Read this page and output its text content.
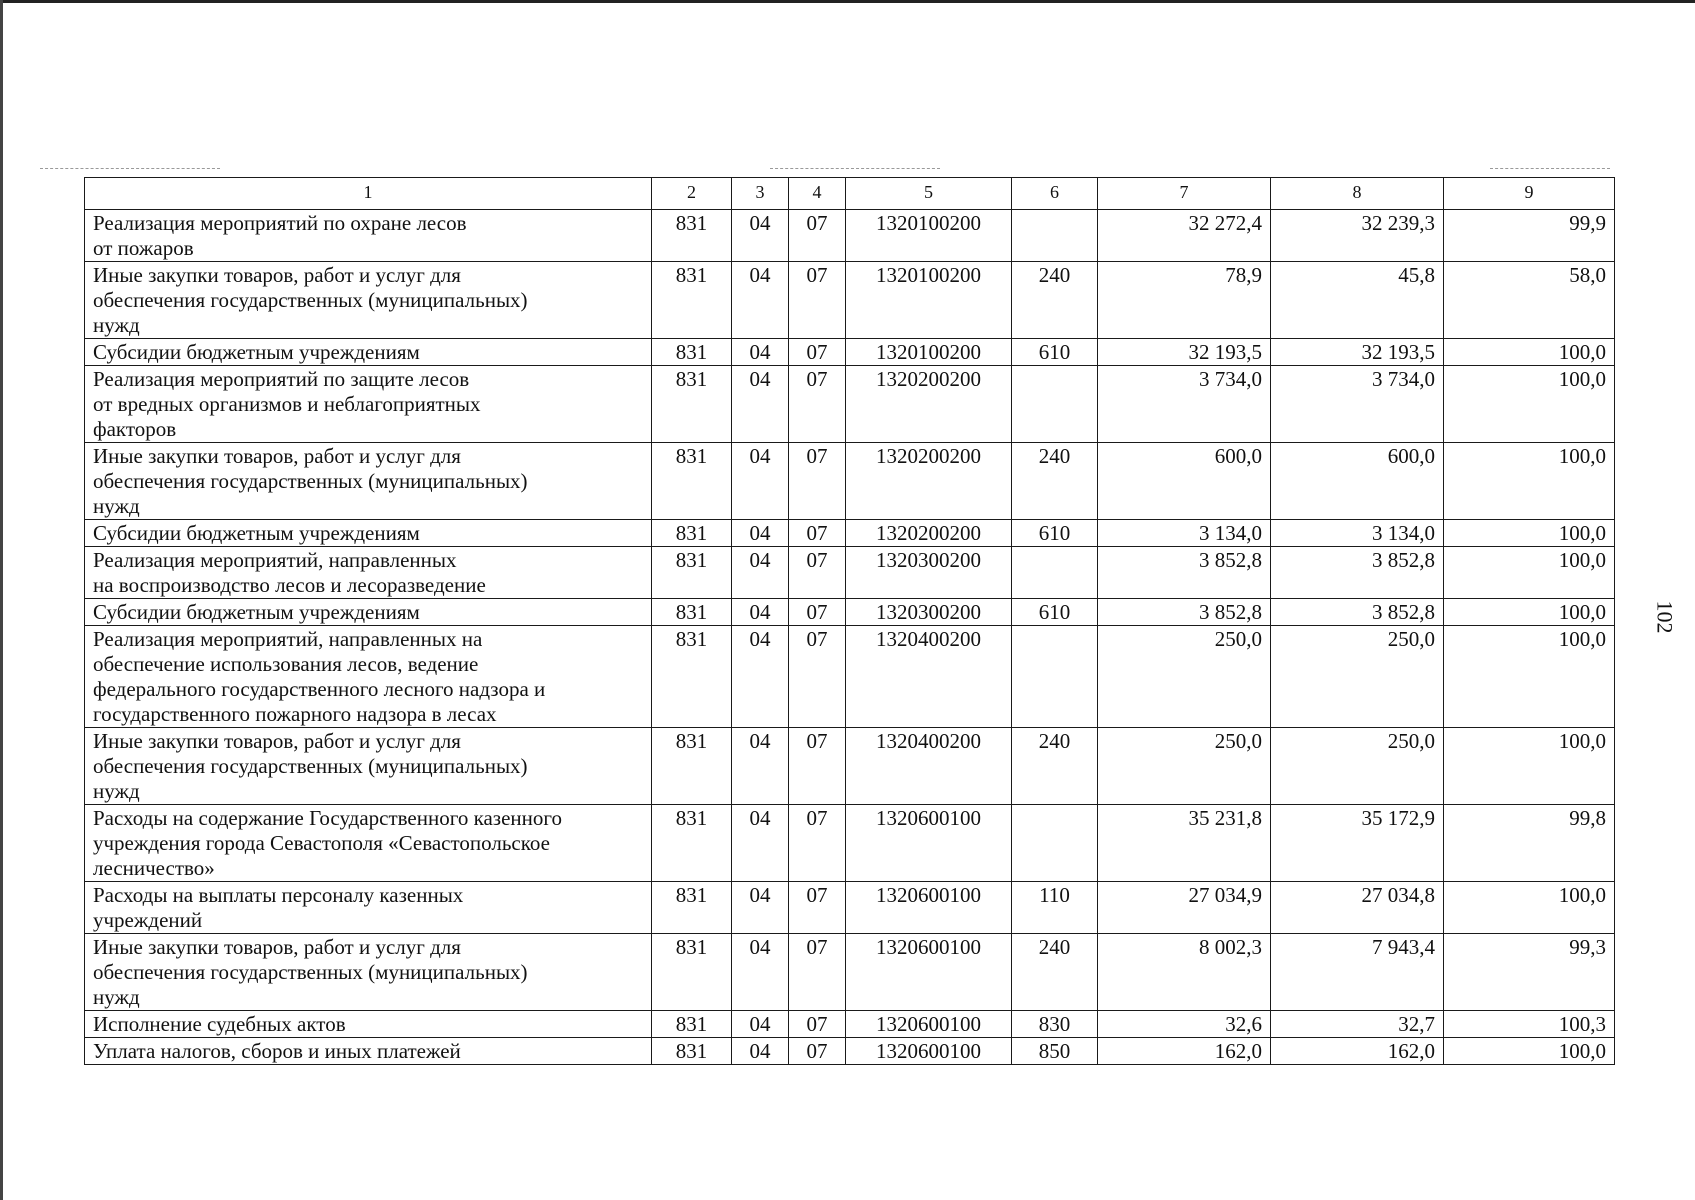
1	2	3	4	5	6	7	8	9
Реализация мероприятий по охране лесов
от пожаров	831	04	07	1320100200		32 272,4	32 239,3	99,9
Иные закупки товаров, работ и услуг для
обеспечения государственных (муниципальных)
нужд	831	04	07	1320100200	240	78,9	45,8	58,0
Субсидии бюджетным учреждениям	831	04	07	1320100200	610	32 193,5	32 193,5	100,0
Реализация мероприятий по защите лесов
от вредных организмов и неблагоприятных
факторов	831	04	07	1320200200		3 734,0	3 734,0	100,0
Иные закупки товаров, работ и услуг для
обеспечения государственных (муниципальных)
нужд	831	04	07	1320200200	240	600,0	600,0	100,0
Субсидии бюджетным учреждениям	831	04	07	1320200200	610	3 134,0	3 134,0	100,0
Реализация мероприятий, направленных
на воспроизводство лесов и лесоразведение	831	04	07	1320300200		3 852,8	3 852,8	100,0
Субсидии бюджетным учреждениям	831	04	07	1320300200	610	3 852,8	3 852,8	100,0
Реализация мероприятий, направленных на
обеспечение использования лесов, ведение
федерального государственного лесного надзора и
государственного пожарного надзора в лесах	831	04	07	1320400200		250,0	250,0	100,0
Иные закупки товаров, работ и услуг для
обеспечения государственных (муниципальных)
нужд	831	04	07	1320400200	240	250,0	250,0	100,0
Расходы на содержание Государственного казенного
учреждения города Севастополя «Севастопольское
лесничество»	831	04	07	1320600100		35 231,8	35 172,9	99,8
Расходы на выплаты персоналу казенных
учреждений	831	04	07	1320600100	110	27 034,9	27 034,8	100,0
Иные закупки товаров, работ и услуг для
обеспечения государственных (муниципальных)
нужд	831	04	07	1320600100	240	8 002,3	7 943,4	99,3
Исполнение судебных актов	831	04	07	1320600100	830	32,6	32,7	100,3
Уплата налогов, сборов и иных платежей	831	04	07	1320600100	850	162,0	162,0	100,0
102
